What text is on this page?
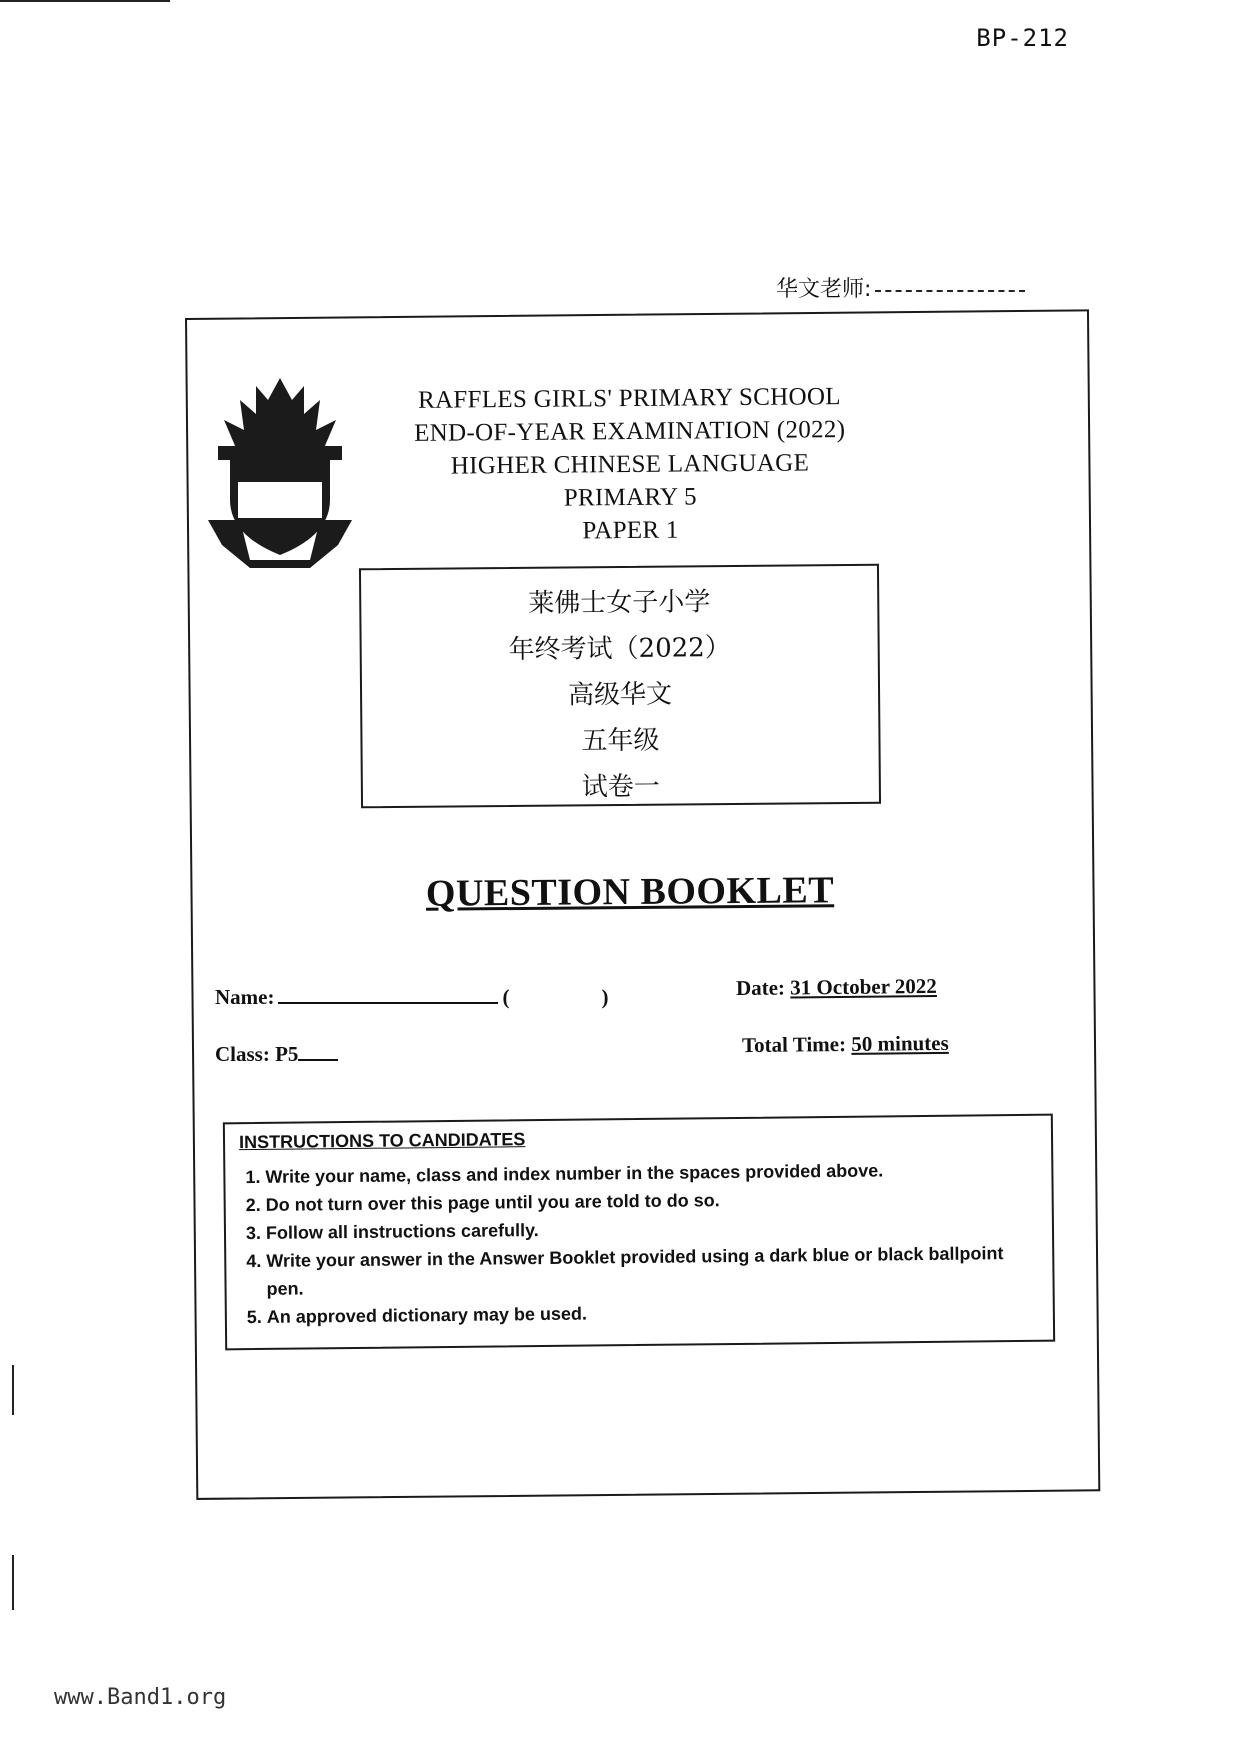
BP-212
华文老师:
RAFFLES GIRLS' PRIMARY SCHOOL
END-OF-YEAR EXAMINATION (2022)
HIGHER CHINESE LANGUAGE
PRIMARY 5
PAPER 1
莱佛士女子小学
年终考试（2022）
高级华文
五年级
试卷一
QUESTION BOOKLET
Name:	(	)
Class: P5
Date: 31 October 2022
Total Time: 50 minutes
INSTRUCTIONS TO CANDIDATES
1. Write your name, class and index number in the spaces provided above.
2. Do not turn over this page until you are told to do so.
3. Follow all instructions carefully.
4. Write your answer in the Answer Booklet provided using a dark blue or black ballpoint pen.
5. An approved dictionary may be used.
www.Band1.org
